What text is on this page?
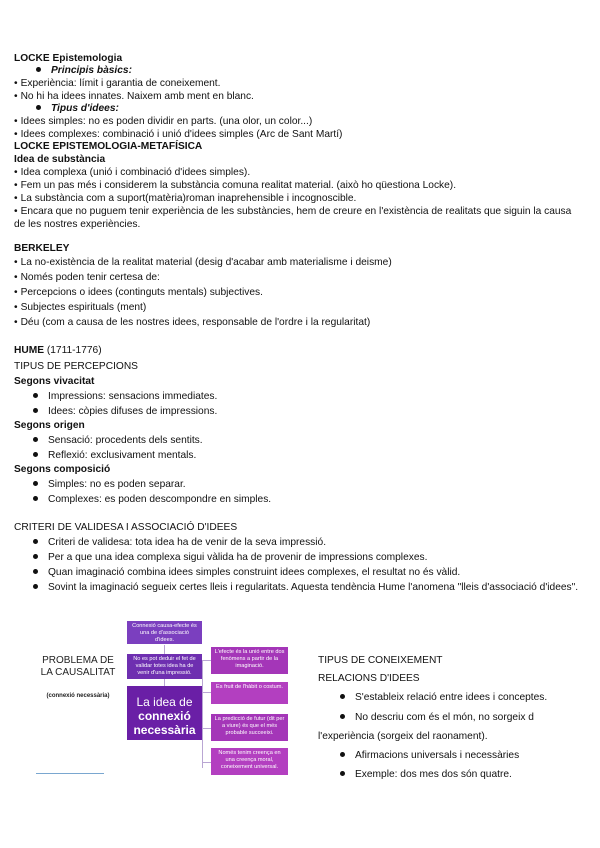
LOCKE Epistemologia
Principis bàsics:
• Experiència: límit i garantia de coneixement.
• No hi ha idees innates. Naixem amb ment en blanc.
Tipus d'idees:
• Idees simples: no es poden dividir en parts. (una olor, un color...)
• Idees complexes: combinació i unió d'idees simples (Arc de Sant Martí)
LOCKE EPISTEMOLOGIA-METAFÍSICA
Idea de substància
• Idea complexa (unió i combinació d'idees simples).
• Fem un pas més i considerem la substància comuna realitat material. (això ho qüestiona Locke).
• La substància com a suport(matèria)roman inaprehensible i incognoscible.
• Encara que no puguem tenir experiència de les substàncies, hem de creure en l'existència de realitats que siguin la causa de les nostres experiències.
BERKELEY
• La no-existència de la realitat material (desig d'acabar amb materialisme i deisme)
• Només poden tenir certesa de:
• Percepcions o idees (continguts mentals) subjectives.
• Subjectes espirituals (ment)
• Déu (com a causa de les nostres idees, responsable de l'ordre i la regularitat)
HUME (1711-1776)
TIPUS DE PERCEPCIONS
Segons vivacitat
Impressions: sensacions immediates.
Idees: còpies difuses de impressions.
Segons origen
Sensació: procedents dels sentits.
Reflexió: exclusivament mentals.
Segons composició
Simples: no es poden separar.
Complexes: es poden descompondre en simples.
CRITERI DE VALIDESA I ASSOCIACIÓ D'IDEES
Criteri de validesa: tota idea ha de venir de la seva impressió.
Per a que una idea complexa sigui vàlida ha de provenir de impressions complexes.
Quan imaginació combina idees simples construint idees complexes, el resultat no és vàlid.
Sovint la imaginació segueix certes lleis i regularitats. Aquesta tendència Hume l'anomena "lleis d'associació d'idees".
PROBLEMA DE
LA CAUSALITAT
(connexió necessària)
Connexió causa-efecte és una de d'associació d'idees.
No es pot deduir el fet de validar totes idea ha de venir d'una impressió.
La idea de
connexió
necessària
L'efecte és la unió entre dos fenòmens a partir de la imaginació.
Es fruit de l'hàbit o costum.
La predicció de futur (dit per a viure) és que el més probable succeeixi.
Només tenim creença en una creença moral, coneixement universal.
TIPUS DE CONEIXEMENT
RELACIONS D'IDEES
S'estableix relació entre idees i conceptes.
No descriu com és el món, no sorgeix d
l'experiència (sorgeix del raonament).
Afirmacions universals i necessàries
Exemple: dos mes dos són quatre.
